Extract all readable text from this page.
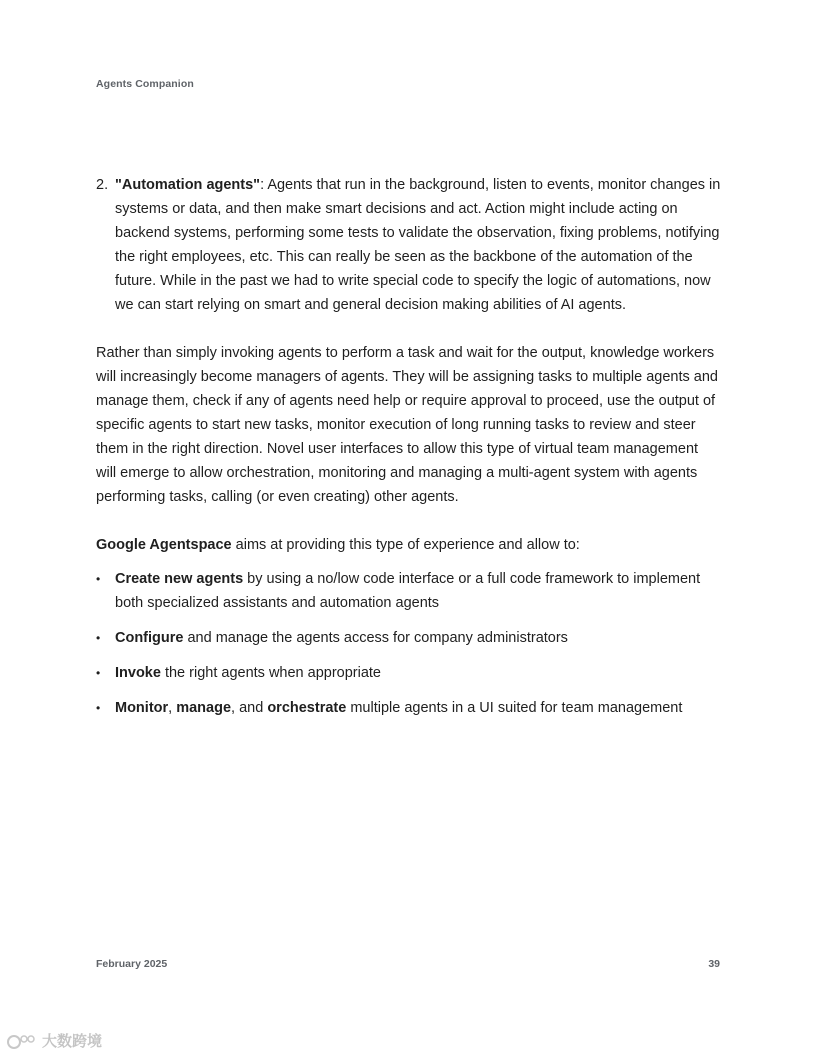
Agents Companion
2. "Automation agents": Agents that run in the background, listen to events, monitor changes in systems or data, and then make smart decisions and act. Action might include acting on backend systems, performing some tests to validate the observation, fixing problems, notifying the right employees, etc. This can really be seen as the backbone of the automation of the future. While in the past we had to write special code to specify the logic of automations, now we can start relying on smart and general decision making abilities of AI agents.

Rather than simply invoking agents to perform a task and wait for the output, knowledge workers will increasingly become managers of agents. They will be assigning tasks to multiple agents and manage them, check if any of agents need help or require approval to proceed, use the output of specific agents to start new tasks, monitor execution of long running tasks to review and steer them in the right direction. Novel user interfaces to allow this type of virtual team management will emerge to allow orchestration, monitoring and managing a multi-agent system with agents performing tasks, calling (or even creating) other agents.

Google Agentspace aims at providing this type of experience and allow to:

•	Create new agents by using a no/low code interface or a full code framework to implement both specialized assistants and automation agents
•	Configure and manage the agents access for company administrators
•	Invoke the right agents when appropriate
•	Monitor, manage, and orchestrate multiple agents in a UI suited for team management
February 2025	39
大数跨境
